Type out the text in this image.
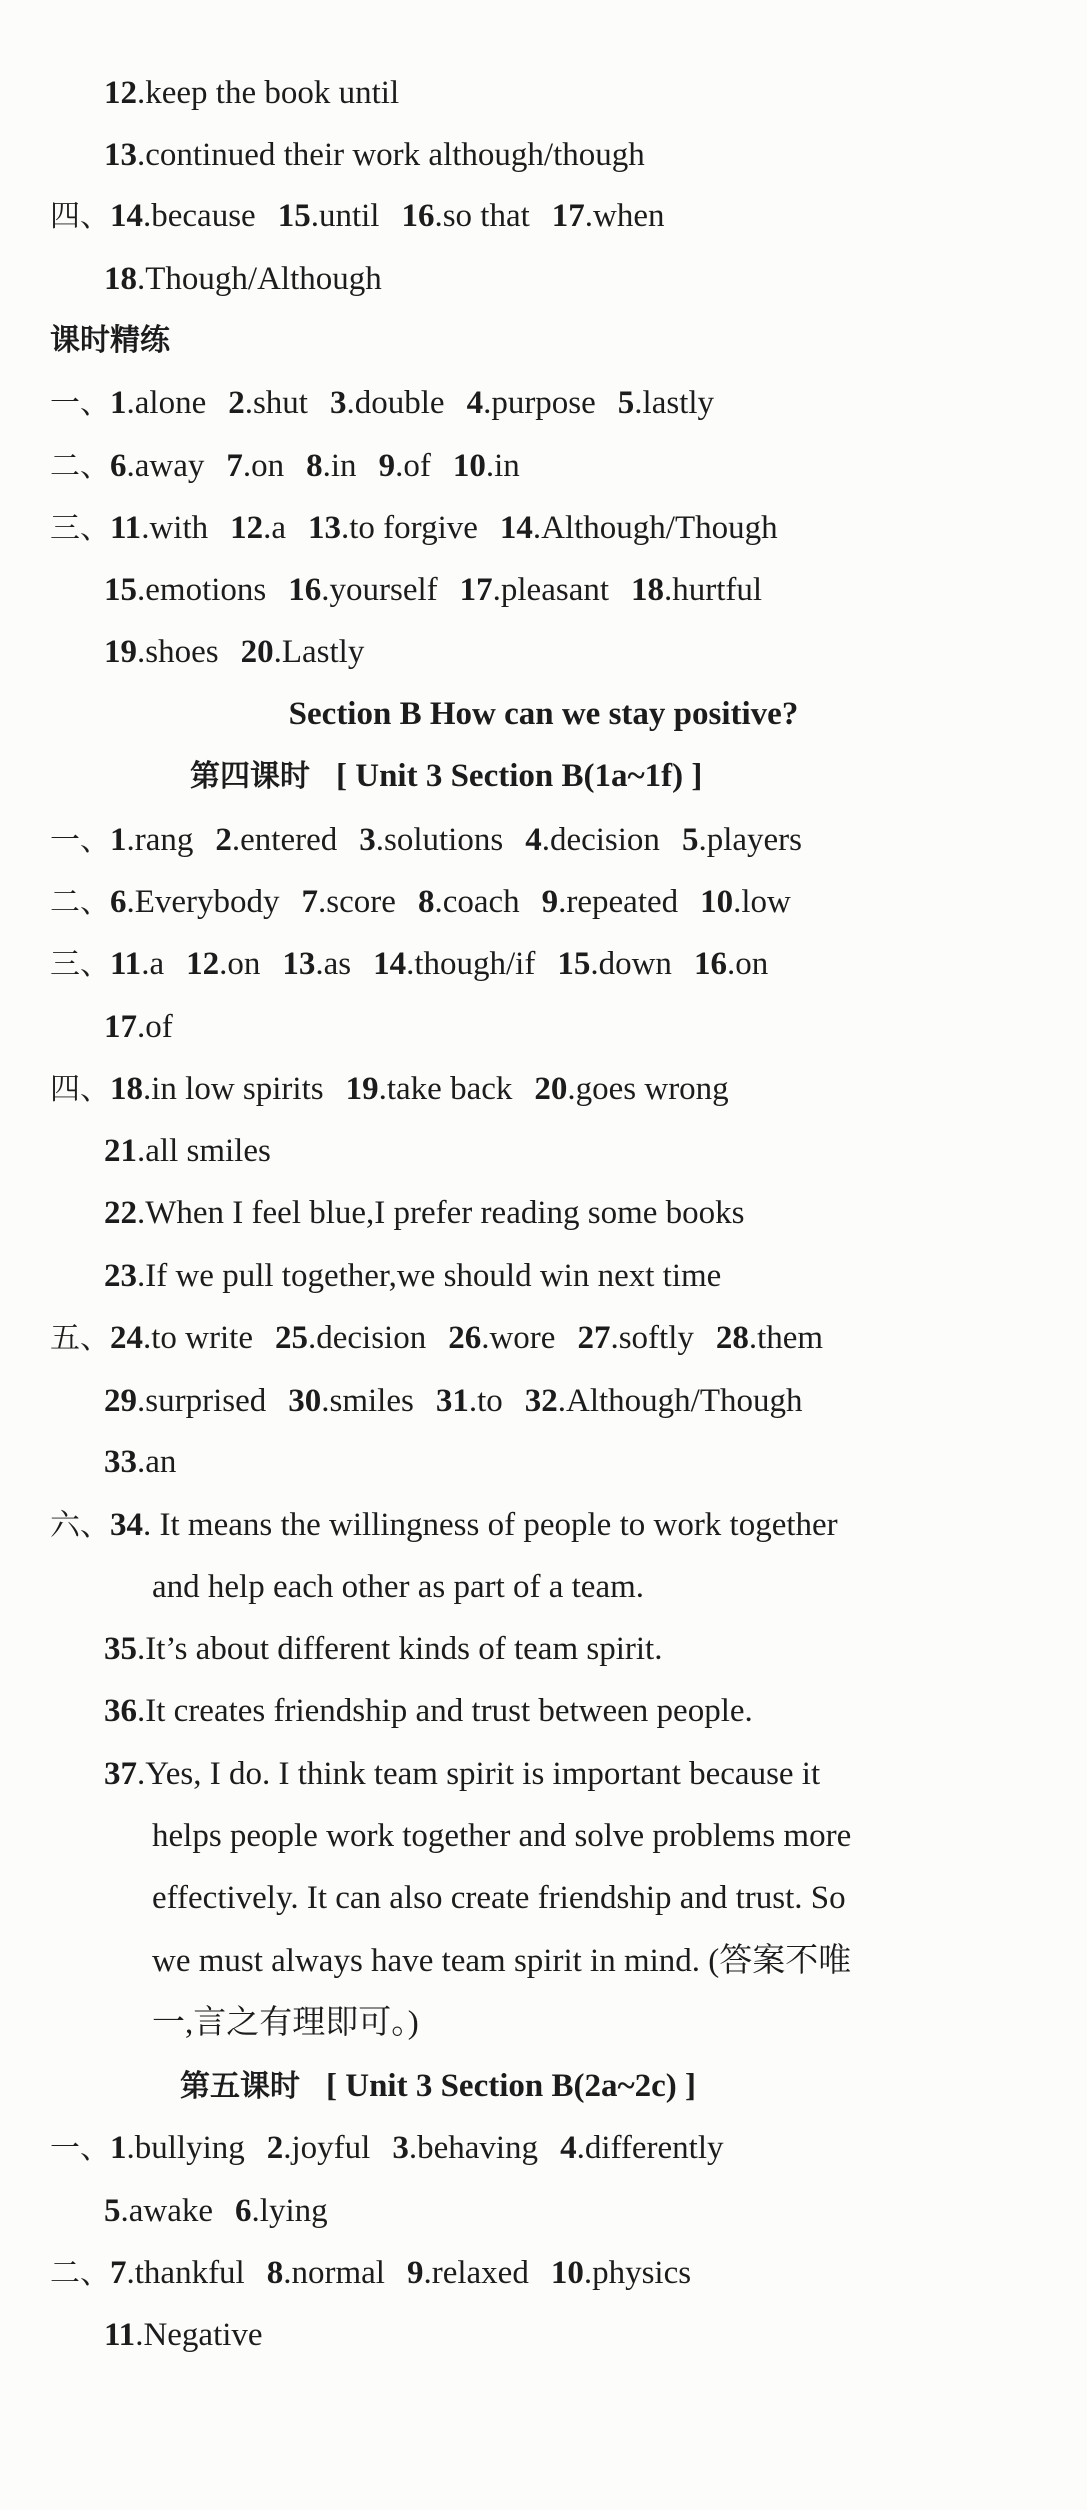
12.keep the book until
13.continued their work although/though
四、14.because 15.until 16.so that 17.when
18.Though/Although
课时精练
一、1.alone 2.shut 3.double 4.purpose 5.lastly
二、6.away 7.on 8.in 9.of 10.in
三、11.with 12.a 13.to forgive 14.Although/Though
15.emotions 16.yourself 17.pleasant 18.hurtful
19.shoes 20.Lastly
Section B How can we stay positive?
第四课时 [ Unit 3 Section B(1a~1f) ]
一、1.rang 2.entered 3.solutions 4.decision 5.players
二、6.Everybody 7.score 8.coach 9.repeated 10.low
三、11.a 12.on 13.as 14.though/if 15.down 16.on
17.of
四、18.in low spirits 19.take back 20.goes wrong
21.all smiles
22.When I feel blue,I prefer reading some books
23.If we pull together,we should win next time
五、24.to write 25.decision 26.wore 27.softly 28.them
29.surprised 30.smiles 31.to 32.Although/Though
33.an
六、34. It means the willingness of people to work together
and help each other as part of a team.
35.It’s about different kinds of team spirit.
36.It creates friendship and trust between people.
37.Yes, I do. I think team spirit is important because it
helps people work together and solve problems more
effectively. It can also create friendship and trust. So
we must always have team spirit in mind. (答案不唯
一,言之有理即可。)
第五课时 [ Unit 3 Section B(2a~2c) ]
一、1.bullying 2.joyful 3.behaving 4.differently
5.awake 6.lying
二、7.thankful 8.normal 9.relaxed 10.physics
11.Negative
